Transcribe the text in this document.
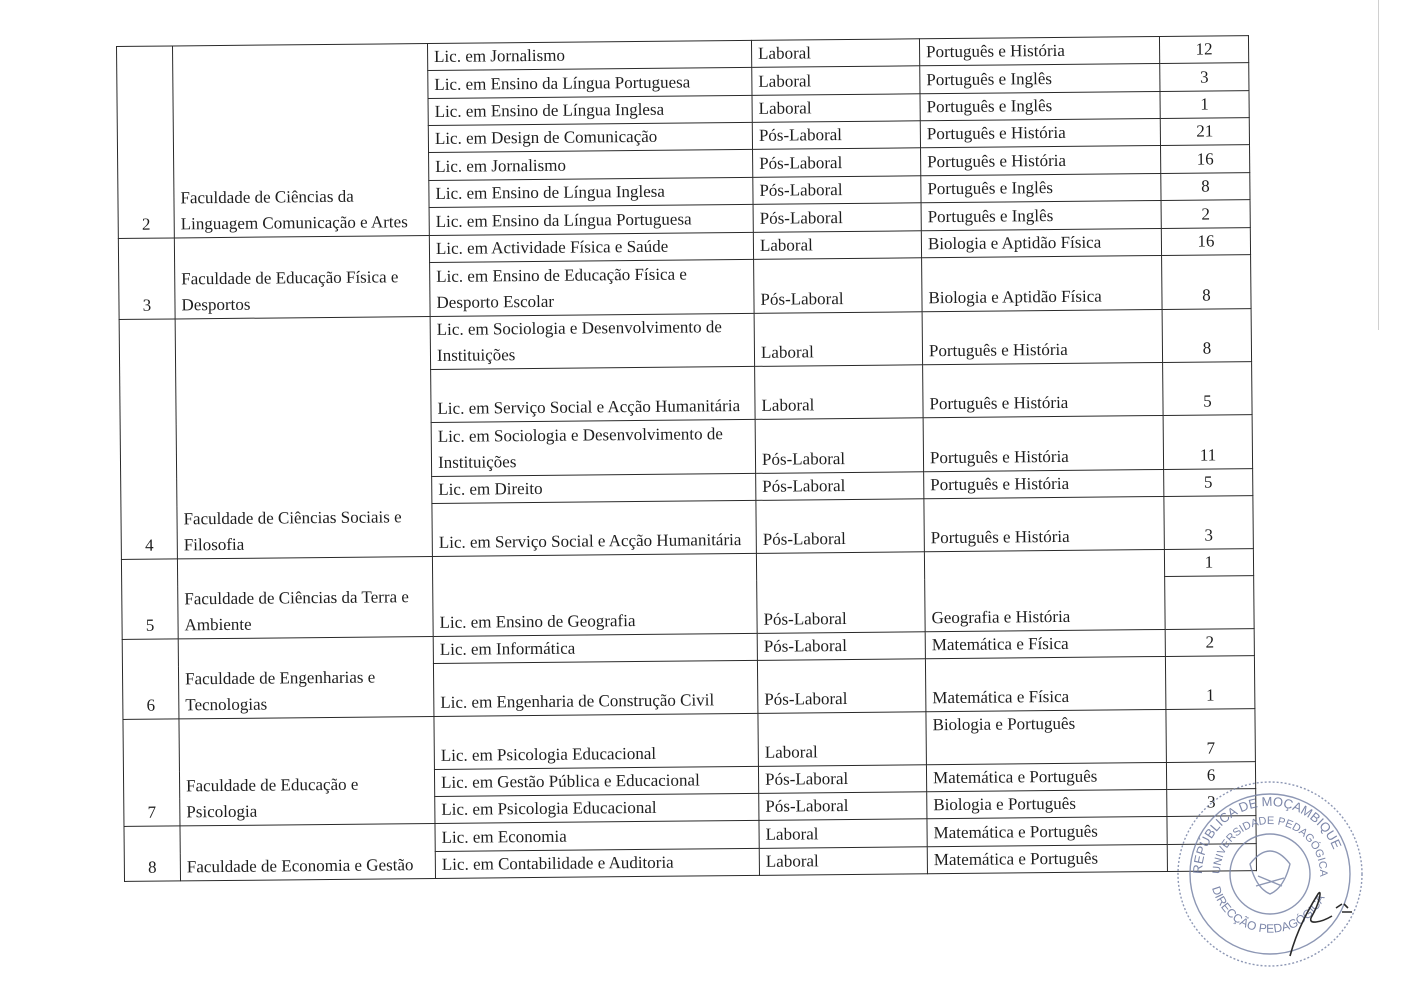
2	Faculdade de Ciências da Linguagem Comunicação e Artes	Lic. em Jornalismo	Laboral	Português e História	12
		Lic. em Ensino da Língua Portuguesa	Laboral	Português e Inglês	3
		Lic. em Ensino de Língua Inglesa	Laboral	Português e Inglês	1
		Lic. em Design de Comunicação	Pós-Laboral	Português e História	21
		Lic. em Jornalismo	Pós-Laboral	Português e História	16
		Lic. em Ensino de Língua Inglesa	Pós-Laboral	Português e Inglês	8
		Lic. em Ensino da Língua Portuguesa	Pós-Laboral	Português e Inglês	2
3	Faculdade de Educação Física e Desportos	Lic. em Actividade Física e Saúde	Laboral	Biologia e Aptidão Física	16
		Lic. em Ensino de Educação Física e Desporto Escolar	Pós-Laboral	Biologia e Aptidão Física	8
4	Faculdade de Ciências Sociais e Filosofia	Lic. em Sociologia e Desenvolvimento de Instituições	Laboral	Português e História	8
		Lic. em Serviço Social e Acção Humanitária	Laboral	Português e História	5
		Lic. em Sociologia e Desenvolvimento de Instituições	Pós-Laboral	Português e História	11
		Lic. em Direito	Pós-Laboral	Português e História	5
		Lic. em Serviço Social e Acção Humanitária	Pós-Laboral	Português e História	3
5	Faculdade de Ciências da Terra e Ambiente	Lic. em Ensino de Geografia	Pós-Laboral	Geografia e História	1

6	Faculdade de Engenharias e Tecnologias	Lic. em Informática	Pós-Laboral	Matemática e Física	2
		Lic. em Engenharia de Construção Civil	Pós-Laboral	Matemática e Física	1
7	Faculdade de Educação e Psicologia	Lic. em Psicologia Educacional	Laboral	Biologia e Português	7
		Lic. em Gestão Pública e Educacional	Pós-Laboral	Matemática e Português	6
		Lic. em Psicologia Educacional	Pós-Laboral	Biologia e Português	3
8	Faculdade de Economia e Gestão	Lic. em Economia	Laboral	Matemática e Português	
		Lic. em Contabilidade e Auditoria	Laboral	Matemática e Português		REPÚBLICA DE MOÇAMBIQUE
UNIVERSIDADE PEDAGÓGICA
DIRECÇÃO PEDAGÓGICA
